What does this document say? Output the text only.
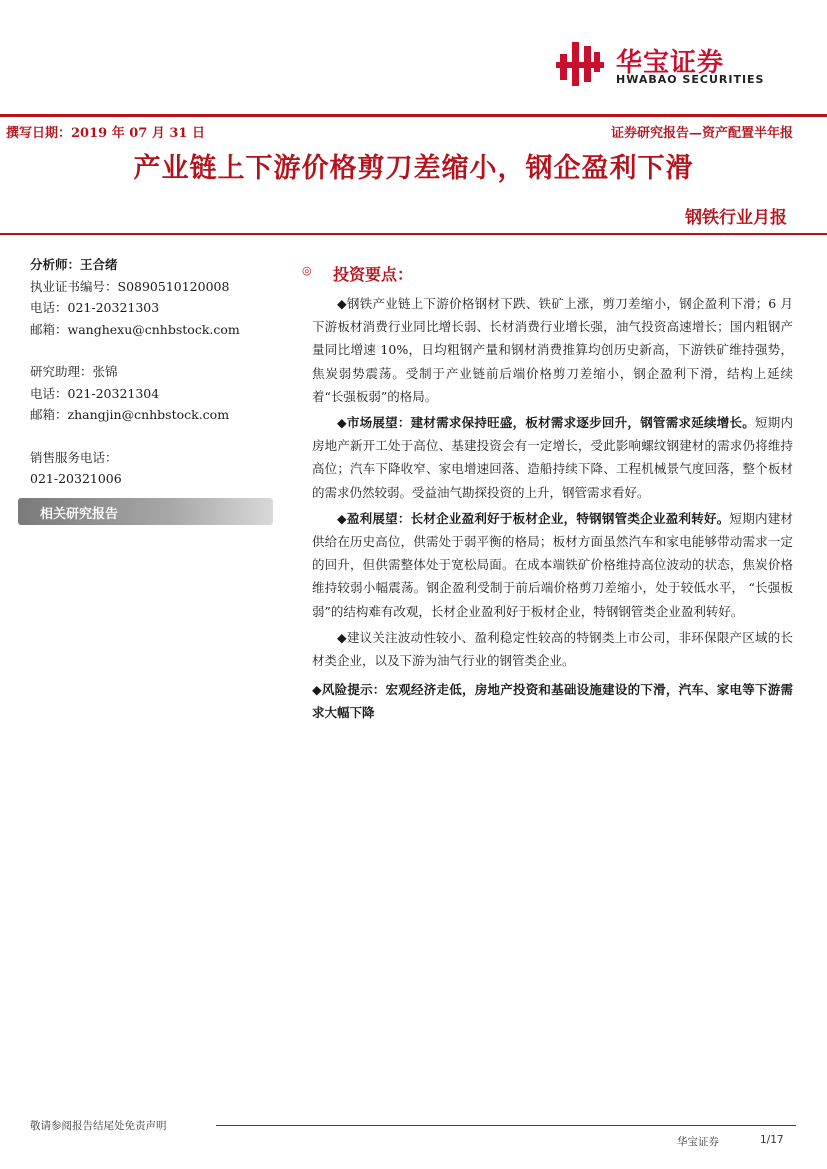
华宝证券
HWABAO SECURITIES
撰写日期：2019 年 07 月 31 日	证券研究报告—资产配置半年报
产业链上下游价格剪刀差缩小，钢企盈利下滑
钢铁行业月报
分析师：王合绪
执业证书编号：S0890510120008
电话：021-20321303
邮箱：wanghexu@cnhbstock.com
研究助理：张锦
电话：021-20321304
邮箱：zhangjin@cnhbstock.com
销售服务电话：
021-20321006
相关研究报告
◎ 投资要点：

◆钢铁产业链上下游价格钢材下跌、铁矿上涨，剪刀差缩小，钢企盈利下滑；6 月下游板材消费行业同比增长弱、长材消费行业增长强，油气投资高速增长；国内粗钢产量同比增速 10%，日均粗钢产量和钢材消费推算均创历史新高，下游铁矿维持强势，焦炭弱势震荡。受制于产业链前后端价格剪刀差缩小，钢企盈利下滑，结构上延续着“长强板弱”的格局。

◆市场展望：建材需求保持旺盛，板材需求逐步回升，钢管需求延续增长。短期内房地产新开工处于高位、基建投资会有一定增长，受此影响螺纹钢建材的需求仍将维持高位；汽车下降收窄、家电增速回落、造船持续下降、工程机械景气度回落，整个板材的需求仍然较弱。受益油气勘探投资的上升，钢管需求看好。

◆盈利展望：长材企业盈利好于板材企业，特钢钢管类企业盈利转好。短期内建材供给在历史高位，供需处于弱平衡的格局；板材方面虽然汽车和家电能够带动需求一定的回升，但供需整体处于宽松局面。在成本端铁矿价格维持高位波动的状态，焦炭价格维持较弱小幅震荡。钢企盈利受制于前后端价格剪刀差缩小，处于较低水平， “长强板弱”的结构难有改观，长材企业盈利好于板材企业，特钢钢管类企业盈利转好。

◆建议关注波动性较小、盈利稳定性较高的特钢类上市公司，非环保限产区域的长材类企业，以及下游为油气行业的钢管类企业。

◆风险提示：宏观经济走低，房地产投资和基础设施建设的下滑，汽车、家电等下游需求大幅下降

敬请参阅报告结尾处免责声明
华宝证券	1/17
